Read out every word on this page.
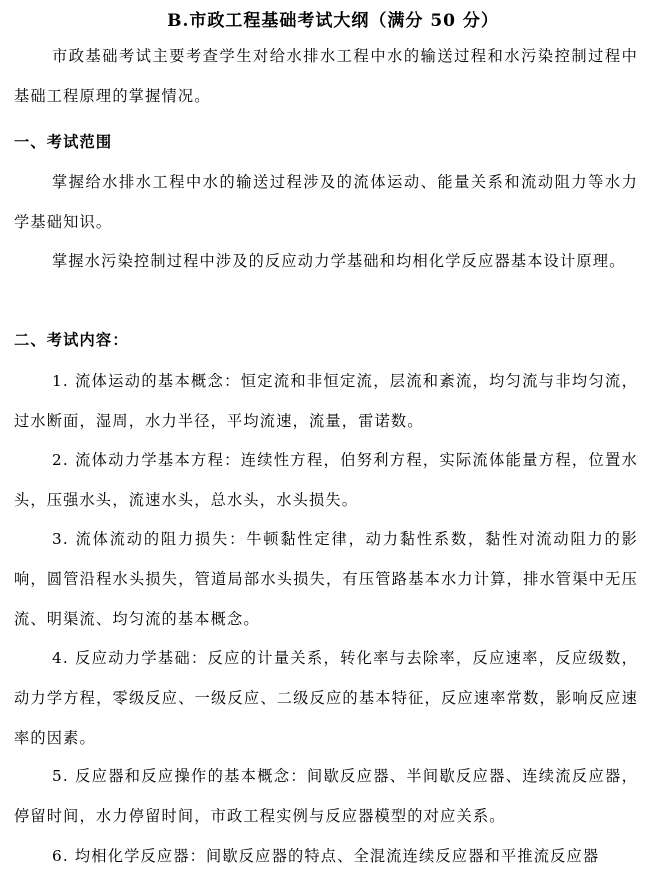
B.市政工程基础考试大纲（满分 50 分）
市政基础考试主要考查学生对给水排水工程中水的输送过程和水污染控制过程中基础工程原理的掌握情况。
一、考试范围
掌握给水排水工程中水的输送过程涉及的流体运动、能量关系和流动阻力等水力学基础知识。
掌握水污染控制过程中涉及的反应动力学基础和均相化学反应器基本设计原理。
二、考试内容：
1. 流体运动的基本概念：恒定流和非恒定流，层流和紊流，均匀流与非均匀流，过水断面，湿周，水力半径，平均流速，流量，雷诺数。
2. 流体动力学基本方程：连续性方程，伯努利方程，实际流体能量方程，位置水头，压强水头，流速水头，总水头，水头损失。
3. 流体流动的阻力损失：牛顿黏性定律，动力黏性系数，黏性对流动阻力的影响，圆管沿程水头损失，管道局部水头损失，有压管路基本水力计算，排水管渠中无压流、明渠流、均匀流的基本概念。
4. 反应动力学基础：反应的计量关系，转化率与去除率，反应速率，反应级数，动力学方程，零级反应、一级反应、二级反应的基本特征，反应速率常数，影响反应速率的因素。
5. 反应器和反应操作的基本概念：间歇反应器、半间歇反应器、连续流反应器，停留时间，水力停留时间，市政工程实例与反应器模型的对应关系。
6. 均相化学反应器：间歇反应器的特点、全混流连续反应器和平推流反应器
